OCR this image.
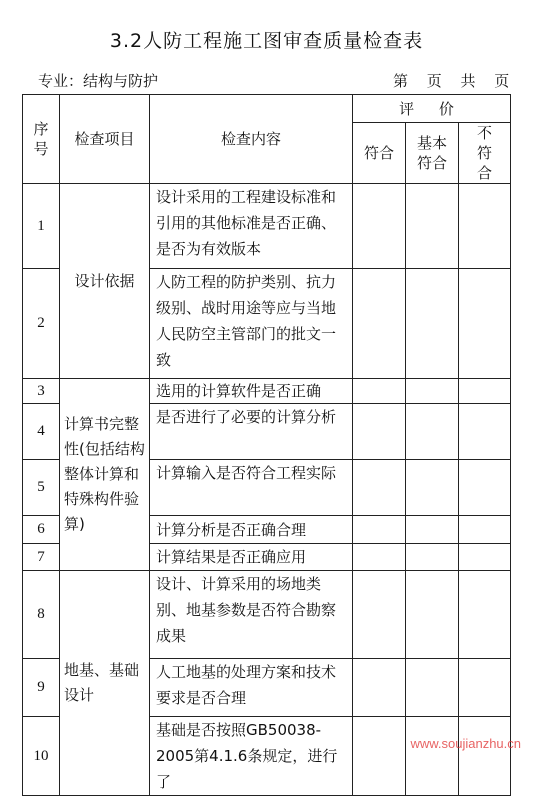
3.2人防工程施工图审查质量检查表
专业：结构与防护	第 页 共 页
序号	检查项目	检查内容	评 价		
			符合	基本符合	不符合

1	设计依据	设计采用的工程建设标准和引用的其他标准是否正确、是否为有效版本			
2		人防工程的防护类别、抗力级别、战时用途等应与当地人民防空主管部门的批文一致			
3	计算书完整性(包括结构整体计算和特殊构件验算)	选用的计算软件是否正确			
4		是否进行了必要的计算分析			
5		计算输入是否符合工程实际			
6		计算分析是否正确合理			
7		计算结果是否正确应用			
8	地基、基础设计	设计、计算采用的场地类别、地基参数是否符合勘察成果			
9		人工地基的处理方案和技术要求是否合理			
10		基础是否按照GB50038-2005第4.1.6条规定，进行了			
www.soujianzhu.cn
